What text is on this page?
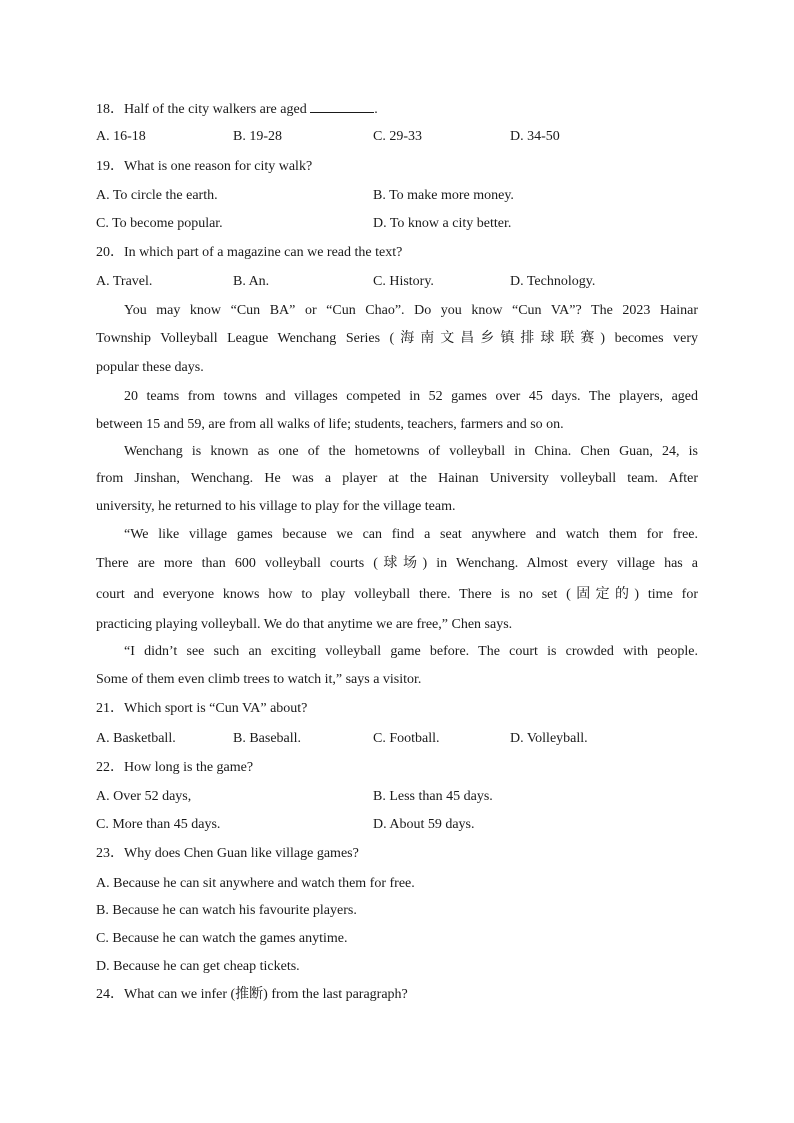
18．Half of the city walkers are aged	.
A. 16-18	B. 19-28	C. 29-33	D. 34-50
19．What is one reason for city walk?
A. To circle the earth.	B. To make more money.
C. To become popular.	D. To know a city better.
20．In which part of a magazine can we read the text?
A. Travel.	B. An.	C. History.	D. Technology.
You may know “Cun BA” or “Cun Chao”. Do you know “Cun VA”? The 2023 Hainar
Township Volleyball League Wenchang Series (海南文昌乡镇排球联赛) becomes very
popular these days.
20 teams from towns and villages competed in 52 games over 45 days. The players, aged
between 15 and 59, are from all walks of life; students, teachers, farmers and so on.
Wenchang is known as one of the hometowns of volleyball in China. Chen Guan, 24, is
from Jinshan, Wenchang. He was a player at the Hainan University volleyball team. After
university, he returned to his village to play for the village team.
“We like village games because we can find a seat anywhere and watch them for free.
There are more than 600 volleyball courts (球场) in Wenchang. Almost every village has a
court and everyone knows how to play volleyball there. There is no set (固定的) time for
practicing playing volleyball. We do that anytime we are free,” Chen says.
“I didn’t see such an exciting volleyball game before. The court is crowded with people.
Some of them even climb trees to watch it,” says a visitor.
21．Which sport is “Cun VA” about?
A. Basketball.	B. Baseball.	C. Football.	D. Volleyball.
22．How long is the game?
A. Over 52 days,	B. Less than 45 days.
C. More than 45 days.	D. About 59 days.
23．Why does Chen Guan like village games?
A. Because he can sit anywhere and watch them for free.
B. Because he can watch his favourite players.
C. Because he can watch the games anytime.
D. Because he can get cheap tickets.
24．What can we infer (推断) from the last paragraph?
